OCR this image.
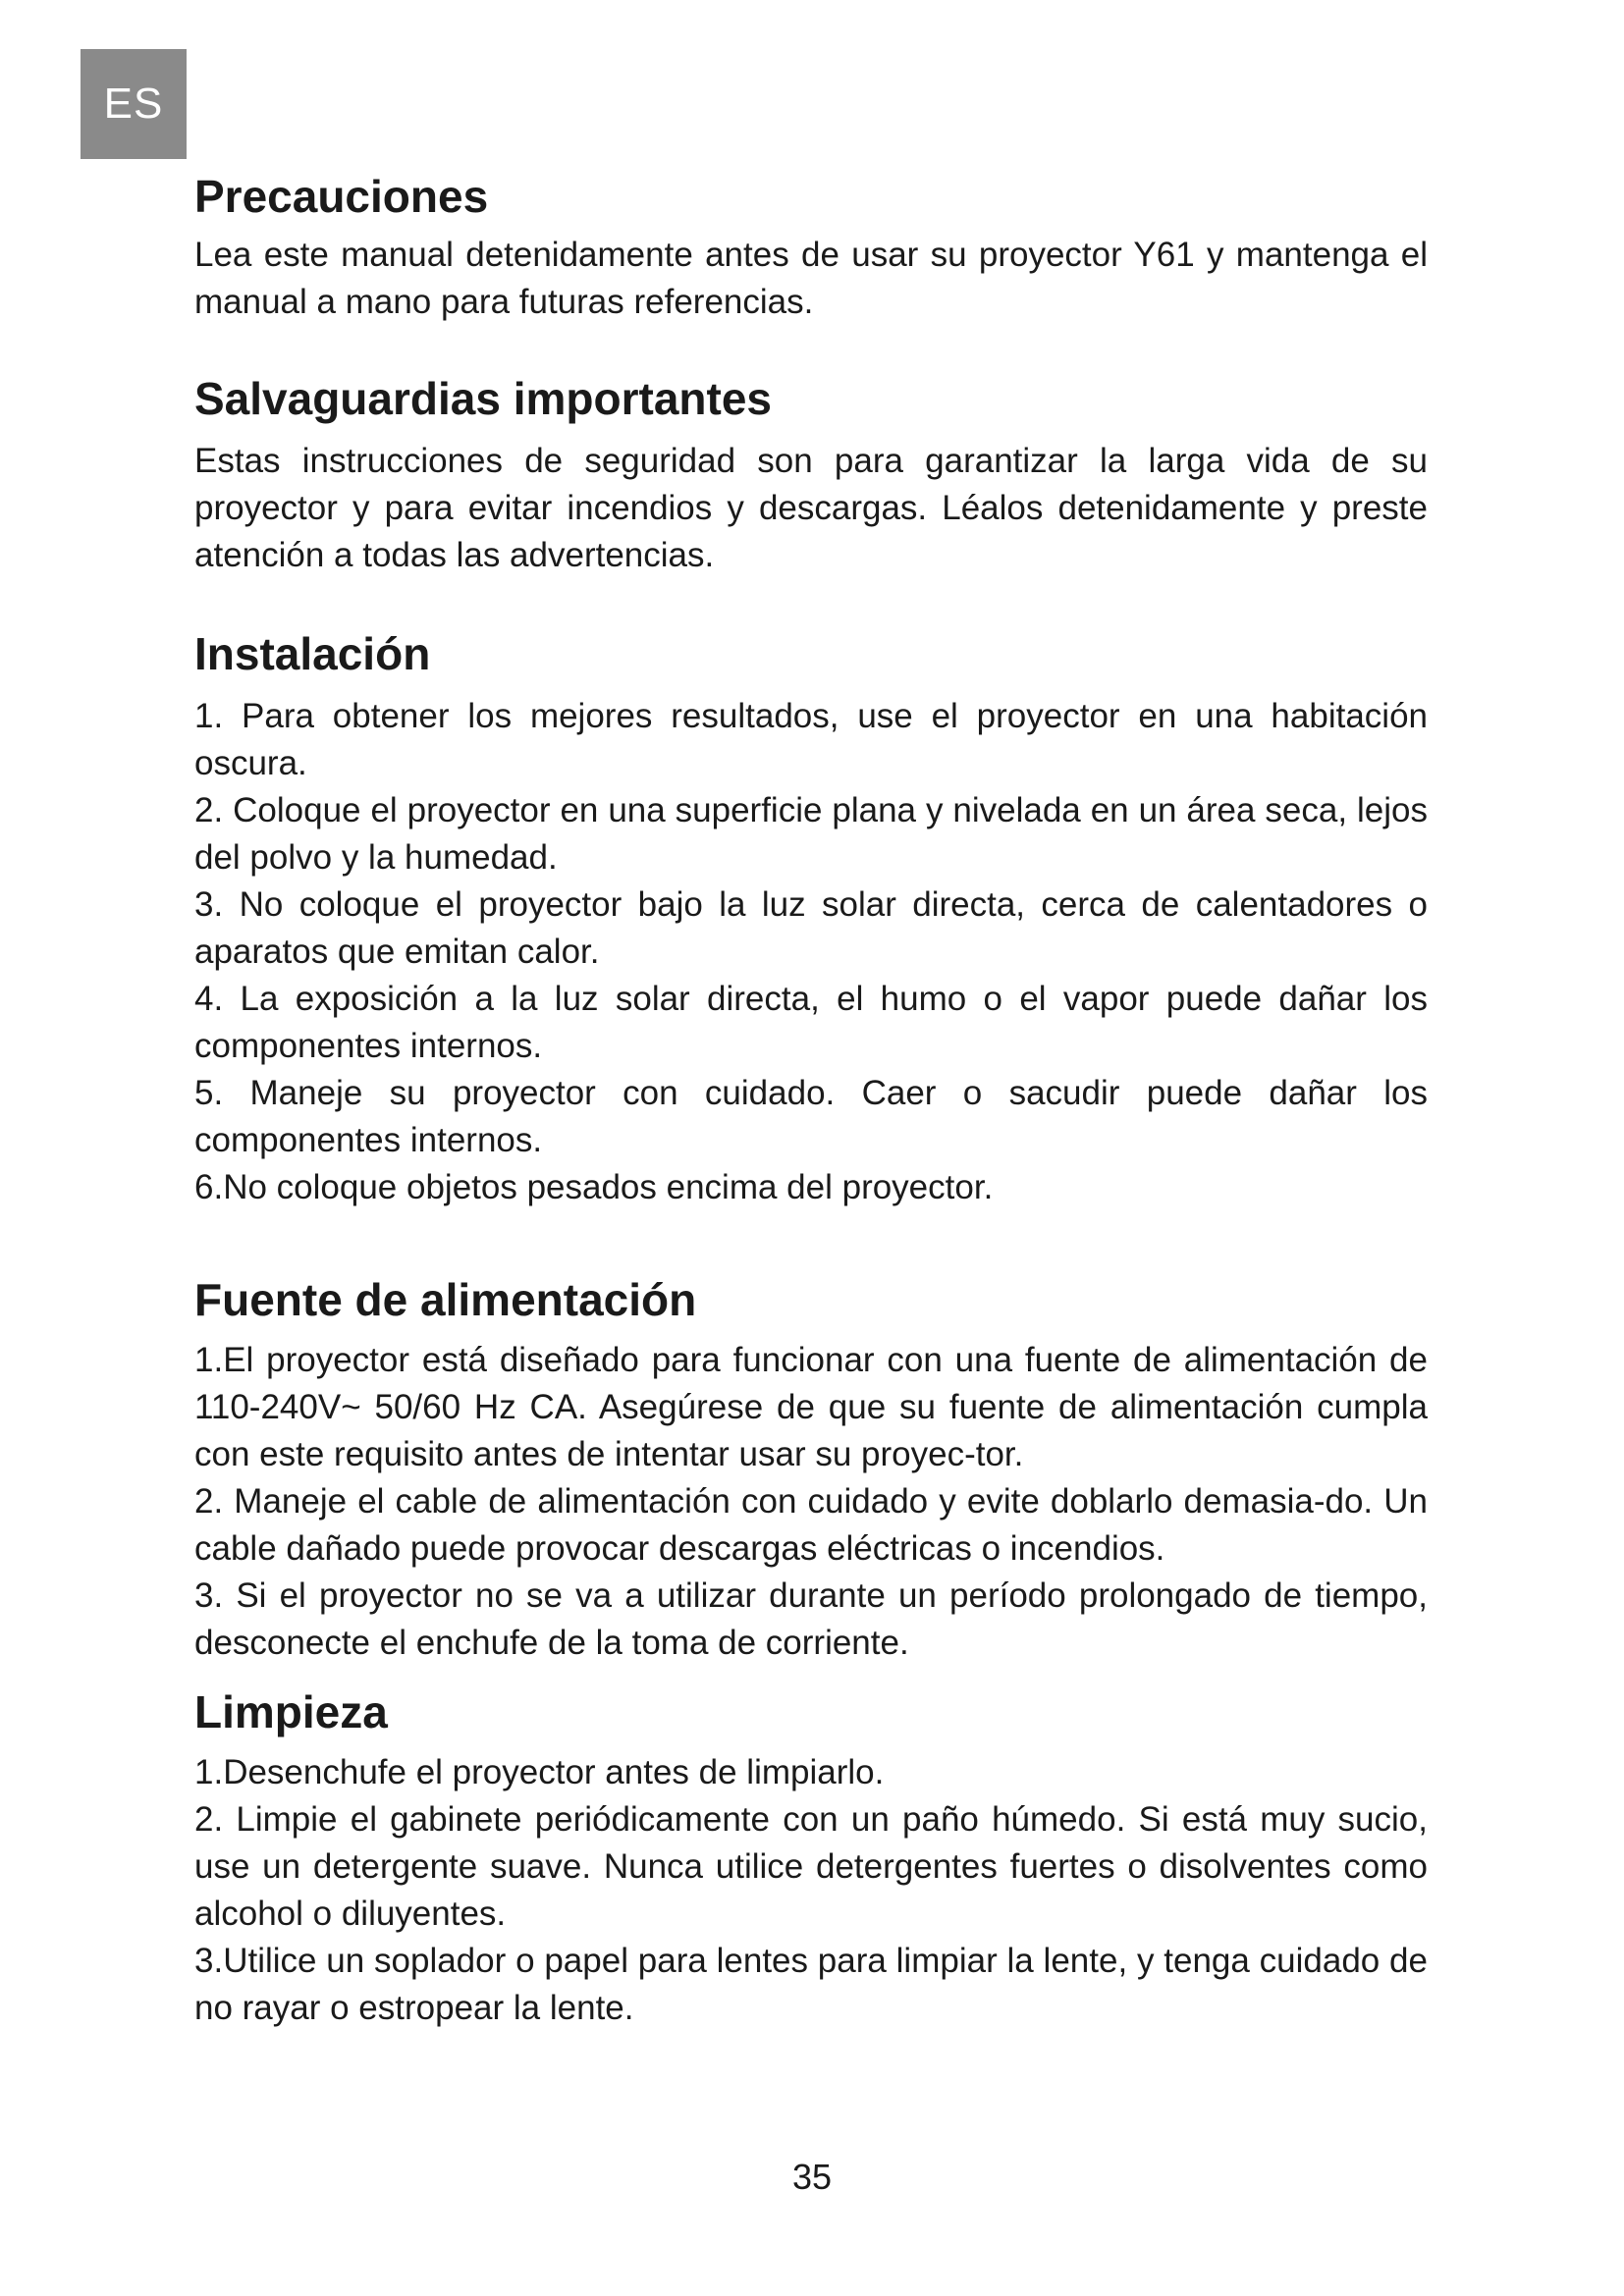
ES
Precauciones

Lea este manual detenidamente antes de usar su proyector Y61 y mantenga el manual a mano para futuras referencias.

Salvaguardias importantes

Estas instrucciones de seguridad son para garantizar la larga vida de su proyector y para evitar incendios y descargas. Léalos detenidamente y preste atención a todas las advertencias.

Instalación

1. Para obtener los mejores resultados, use el proyector en una habitación oscura.

2. Coloque el proyector en una superficie plana y nivelada en un área seca, lejos del polvo y la humedad.

3. No coloque el proyector bajo la luz solar directa, cerca de calentadores o aparatos que emitan calor.

4. La exposición a la luz solar directa, el humo o el vapor puede dañar los componentes internos.

5. Maneje su proyector con cuidado. Caer o sacudir puede dañar los componentes internos.

6.No coloque objetos pesados encima del proyector.

Fuente de alimentación

1.El proyector está diseñado para funcionar con una fuente de alimentación de 110-240V~ 50/60 Hz CA. Asegúrese de que su fuente de alimentación cumpla con este requisito antes de intentar usar su proyec-tor.

2. Maneje el cable de alimentación con cuidado y evite doblarlo demasia-do. Un cable dañado puede provocar descargas eléctricas o incendios.

3. Si el proyector no se va a utilizar durante un período prolongado de tiempo, desconecte el enchufe de la toma de corriente.

Limpieza

1.Desenchufe el proyector antes de limpiarlo.

2. Limpie el gabinete periódicamente con un paño húmedo. Si está muy sucio, use un detergente suave. Nunca utilice detergentes fuertes o disolventes como alcohol o diluyentes.

3.Utilice un soplador o papel para lentes para limpiar la lente, y tenga cuidado de no rayar o estropear la lente.

35
